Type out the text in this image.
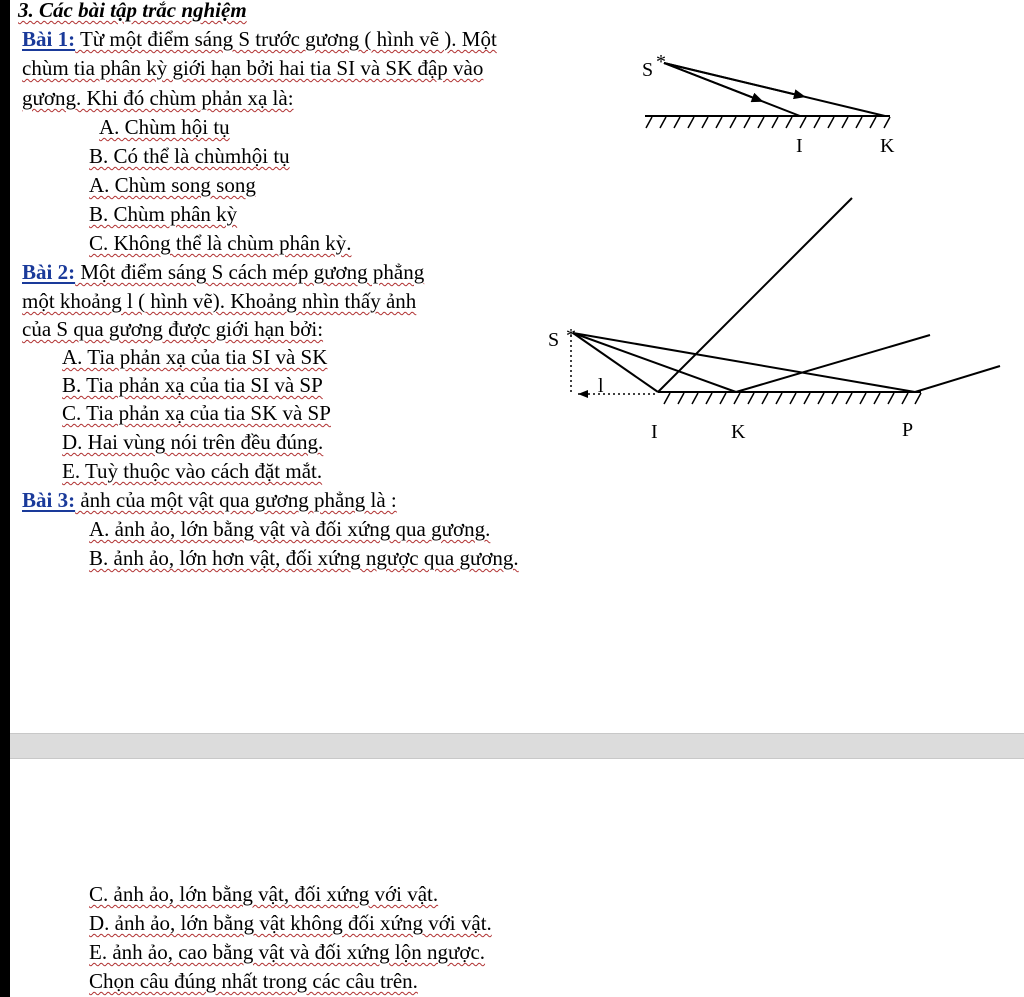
3. Các bài tập trắc nghiệm
Bài 1: Từ một điểm sáng S trước gương ( hình vẽ ). Một
chùm tia phân kỳ giới hạn bởi hai tia SI và SK đập vào
gương. Khi đó chùm phản xạ là:
A. Chùm hội tụ
B. Có thể là chùmhội tụ
A. Chùm song song
B. Chùm phân kỳ
C. Không thể là chùm phân kỳ.
Bài 2: Một điểm sáng S cách mép gương phẳng
một khoảng l ( hình vẽ). Khoảng nhìn thấy ảnh
của S qua gương được giới hạn bởi:
A. Tia phản xạ của tia SI và SK
B. Tia phản xạ của tia SI và SP
C. Tia phản xạ của tia SK và SP
D. Hai vùng nói trên đều đúng.
E. Tuỳ thuộc vào cách đặt mắt.
Bài 3: ảnh của một vật qua gương phẳng là :
A. ảnh ảo, lớn bằng vật và đối xứng qua gương.
B. ảnh ảo, lớn hơn vật, đối xứng ngược qua gương.
C. ảnh ảo, lớn bằng vật, đối xứng với vật.
D. ảnh ảo, lớn bằng vật không đối xứng với vật.
E. ảnh ảo, cao bằng vật và đối xứng lộn ngược.
Chọn câu đúng nhất trong các câu trên.
S *
I	K
S *
l
I	K	P
